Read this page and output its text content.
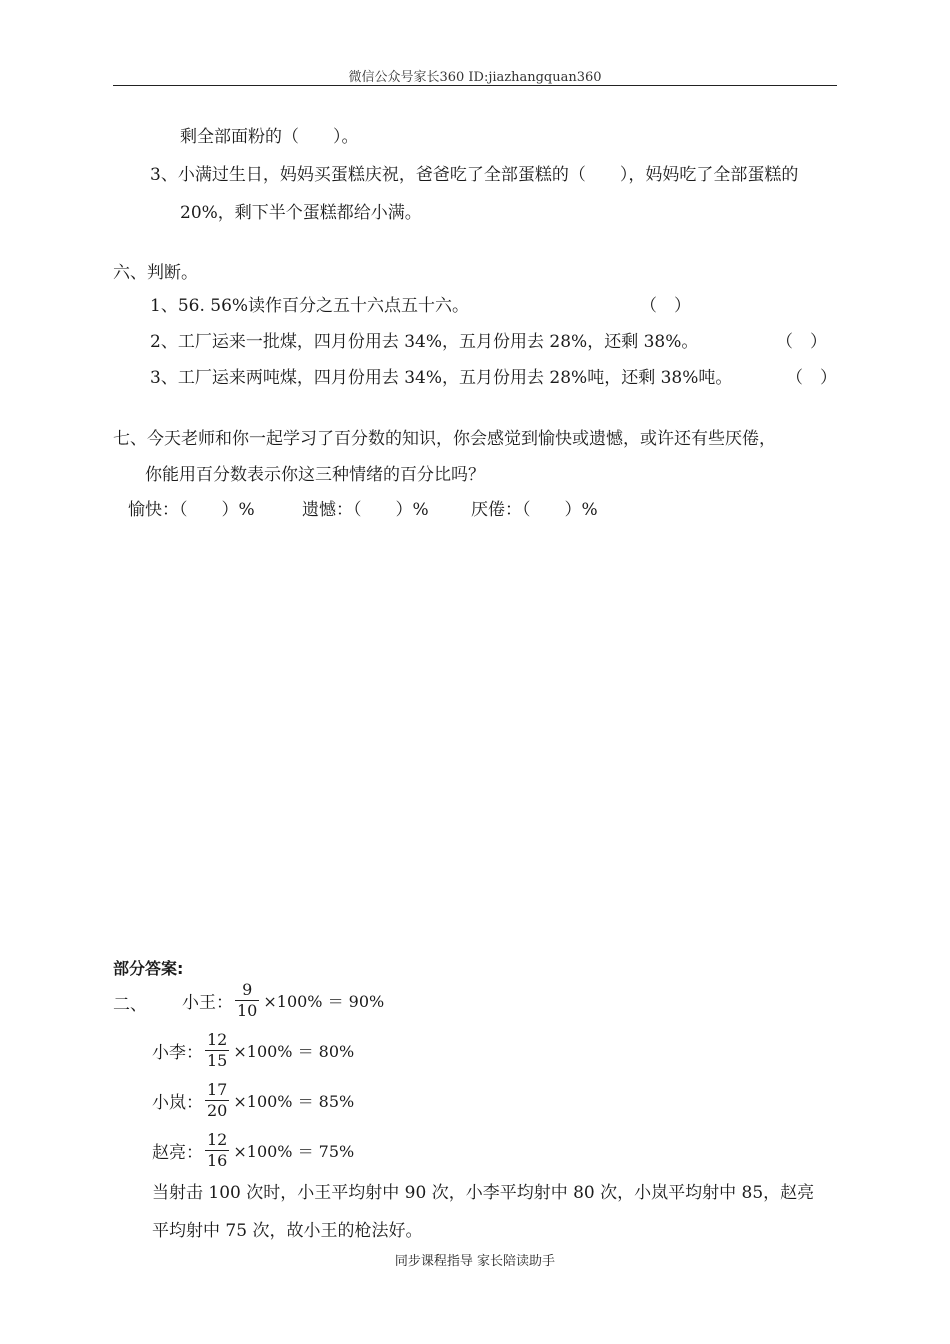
微信公众号家长360 ID:jiazhangquan360
剩全部面粉的（　　）。
3、小满过生日，妈妈买蛋糕庆祝，爸爸吃了全部蛋糕的（　　），妈妈吃了全部蛋糕的
20%，剩下半个蛋糕都给小满。
六、判断。
1、56. 56%读作百分之五十六点五十六。	（　）
2、工厂运来一批煤，四月份用去 34%，五月份用去 28%，还剩 38%。	（　）
3、工厂运来两吨煤，四月份用去 34%，五月份用去 28%吨，还剩 38%吨。	（　）
七、今天老师和你一起学习了百分数的知识，你会感觉到愉快或遗憾，或许还有些厌倦，
你能用百分数表示你这三种情绪的百分比吗？
愉快：（　　）%	遗憾：（　　）% 厌倦：（　　）%
部分答案:
二、 小王： $\frac{9}{10} \times 100\% = 90\%$
小李： $\frac{12}{15} \times 100\% = 80\%$
小岚： $\frac{17}{20} \times 100\% = 85\%$
赵亮： $\frac{12}{16} \times 100\% = 75\%$
当射击 100 次时，小王平均射中 90 次，小李平均射中 80 次，小岚平均射中 85，赵亮
平均射中 75 次，故小王的枪法好。
同步课程指导 家长陪读助手
